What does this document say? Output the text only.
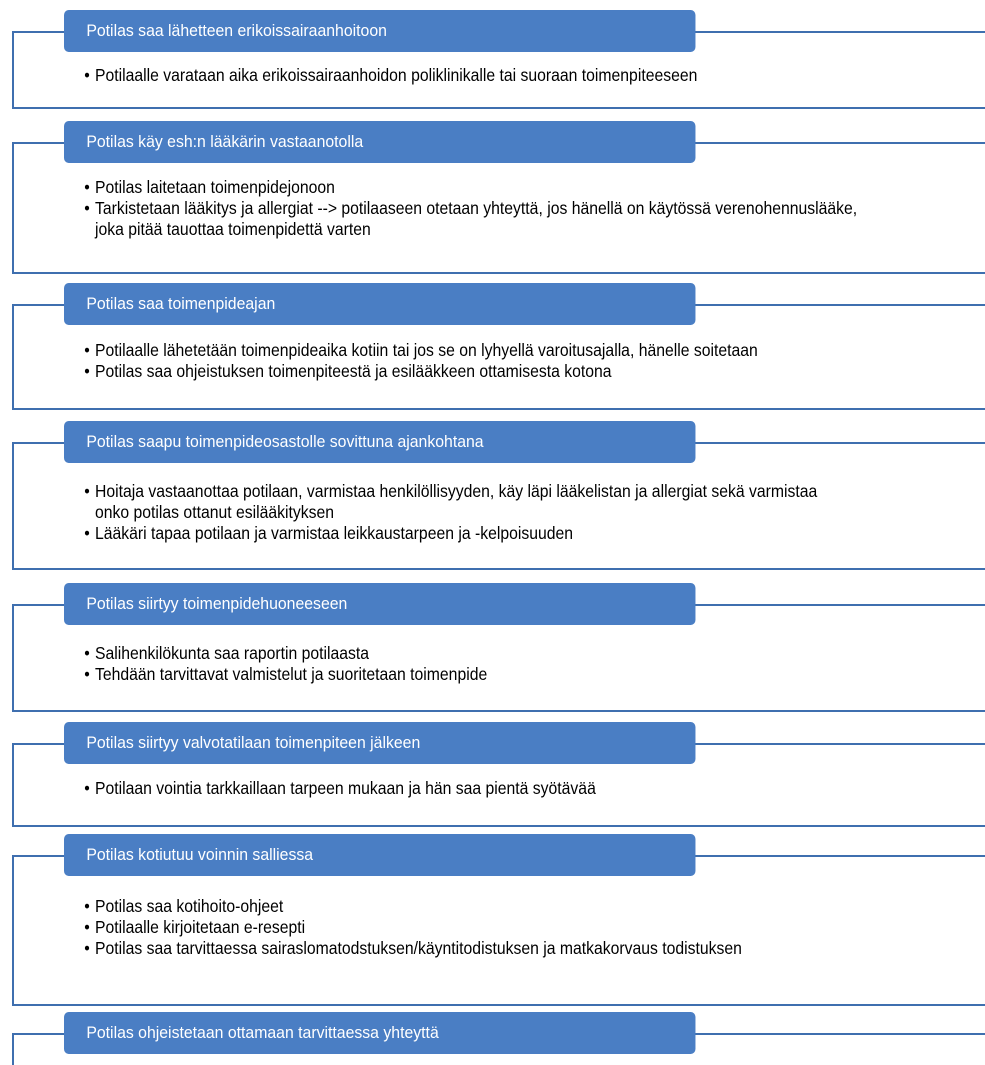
Potilas saa lähetteen erikoissairaanhoitoon
• Potilaalle varataan aika erikoissairaanhoidon poliklinikalle tai suoraan toimenpiteeseen
Potilas käy esh:n lääkärin vastaanotolla
• Potilas laitetaan toimenpidejonoon
• Tarkistetaan lääkitys ja allergiat --> potilaaseen otetaan yhteyttä, jos hänellä on käytössä verenohennuslääke, joka pitää tauottaa toimenpidettä varten
Potilas saa toimenpideajan
• Potilaalle lähetetään toimenpideaika kotiin tai jos se on lyhyellä varoitusajalla, hänelle soitetaan
• Potilas saa ohjeistuksen toimenpiteestä ja esilääkkeen ottamisesta kotona
Potilas saapu toimenpideosastolle sovittuna ajankohtana
• Hoitaja vastaanottaa potilaan, varmistaa henkilöllisyyden, käy läpi lääkelistan ja allergiat sekä varmistaa onko potilas ottanut esilääkityksen
• Lääkäri tapaa potilaan ja varmistaa leikkaustarpeen ja -kelpoisuuden
Potilas siirtyy toimenpidehuoneeseen
• Salihenkilökunta saa raportin potilaasta
• Tehdään tarvittavat valmistelut ja suoritetaan toimenpide
Potilas siirtyy valvotatilaan toimenpiteen jälkeen
• Potilaan vointia tarkkaillaan tarpeen mukaan ja hän saa pientä syötävää
Potilas kotiutuu voinnin salliessa
• Potilas saa kotihoito-ohjeet
• Potilaalle kirjoitetaan e-resepti
• Potilas saa tarvittaessa sairaslomatodstuksen/käyntitodistuksen ja matkakorvaus todistuksen
Potilas ohjeistetaan ottamaan tarvittaessa yhteyttä
